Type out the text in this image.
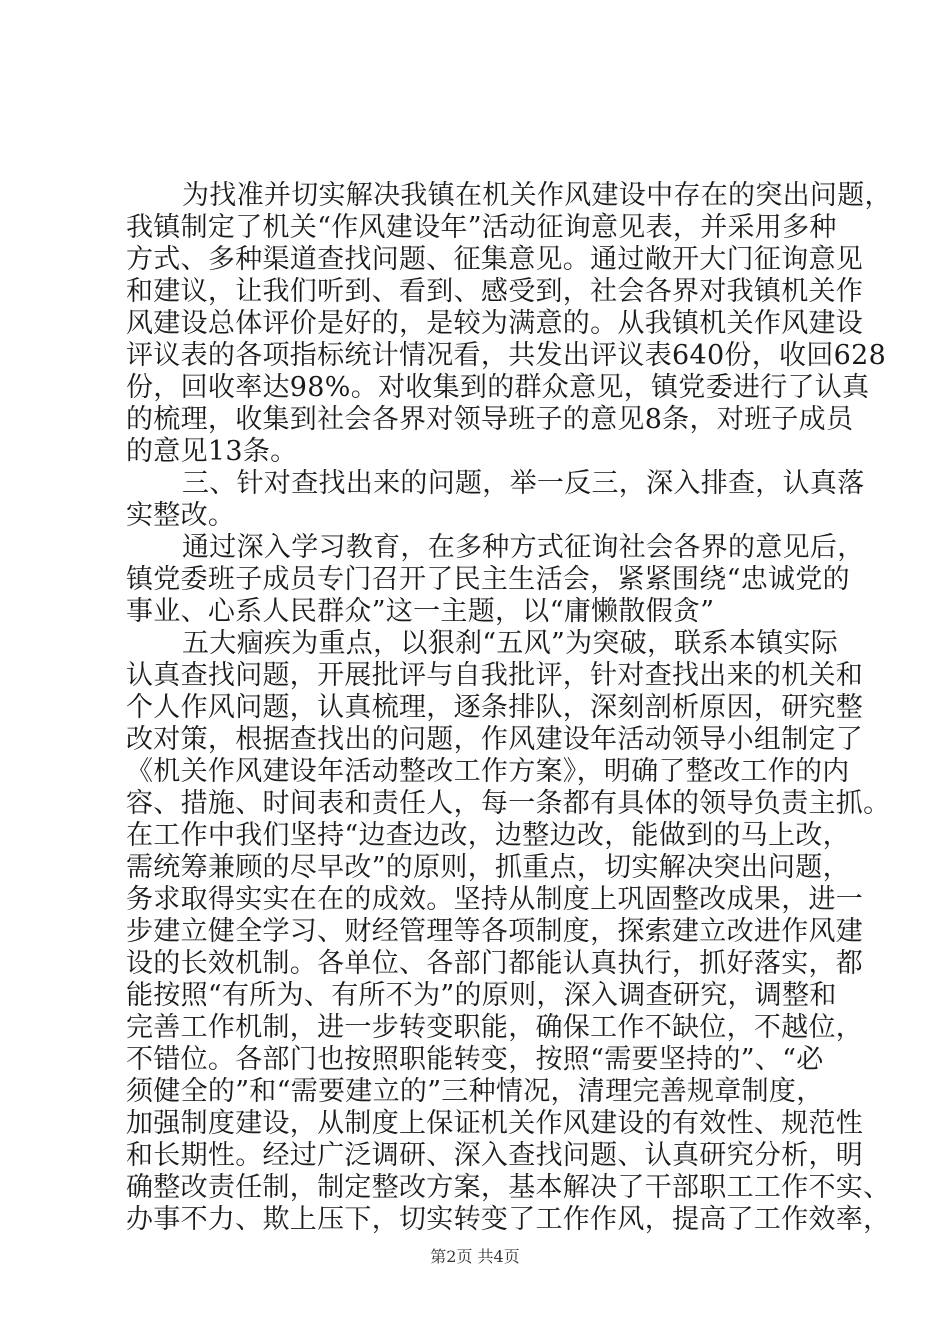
为找准并切实解决我镇在机关作风建设中存在的突出问题，
我镇制定了机关“作风建设年”活动征询意见表，并采用多种
方式、多种渠道查找问题、征集意见。通过敞开大门征询意见
和建议，让我们听到、看到、感受到，社会各界对我镇机关作
风建设总体评价是好的，是较为满意的。从我镇机关作风建设
评议表的各项指标统计情况看，共发出评议表640份，收回628
份，回收率达98%。对收集到的群众意见，镇党委进行了认真
的梳理，收集到社会各界对领导班子的意见8条，对班子成员
的意见13条。
三、针对查找出来的问题，举一反三，深入排查，认真落
实整改。
通过深入学习教育，在多种方式征询社会各界的意见后，
镇党委班子成员专门召开了民主生活会，紧紧围绕“忠诚党的
事业、心系人民群众”这一主题，以“庸懒散假贪”
五大痼疾为重点，以狠刹“五风”为突破，联系本镇实际
认真查找问题，开展批评与自我批评，针对查找出来的机关和
个人作风问题，认真梳理，逐条排队，深刻剖析原因，研究整
改对策，根据查找出的问题，作风建设年活动领导小组制定了
《机关作风建设年活动整改工作方案》，明确了整改工作的内
容、措施、时间表和责任人，每一条都有具体的领导负责主抓。
在工作中我们坚持“边查边改，边整边改，能做到的马上改，
需统筹兼顾的尽早改”的原则，抓重点，切实解决突出问题，
务求取得实实在在的成效。坚持从制度上巩固整改成果，进一
步建立健全学习、财经管理等各项制度，探索建立改进作风建
设的长效机制。各单位、各部门都能认真执行，抓好落实，都
能按照“有所为、有所不为”的原则，深入调查研究，调整和
完善工作机制，进一步转变职能，确保工作不缺位，不越位，
不错位。各部门也按照职能转变，按照“需要坚持的”、“必
须健全的”和“需要建立的”三种情况，清理完善规章制度，
加强制度建设，从制度上保证机关作风建设的有效性、规范性
和长期性。经过广泛调研、深入查找问题、认真研究分析，明
确整改责任制，制定整改方案，基本解决了干部职工工作不实、
办事不力、欺上压下，切实转变了工作作风，提高了工作效率，
第2页 共4页
